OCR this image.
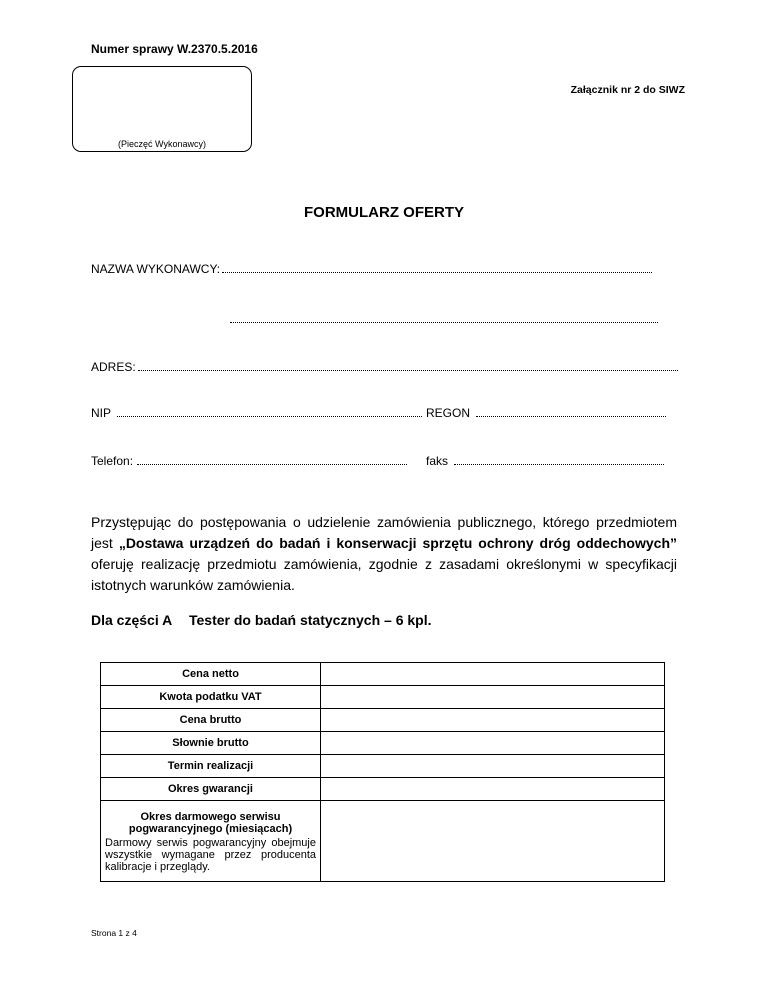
Numer sprawy W.2370.5.2016
(Pieczęć Wykonawcy)
Załącznik nr 2 do SIWZ
FORMULARZ OFERTY
NAZWA WYKONAWCY:
ADRES:
NIP	REGON
Telefon:	faks
Przystępując do postępowania o udzielenie zamówienia publicznego, którego przedmiotem jest „Dostawa urządzeń do badań i konserwacji sprzętu ochrony dróg oddechowych” oferuję realizację przedmiotu zamówienia, zgodnie z zasadami określonymi w specyfikacji istotnych warunków zamówienia.
Dla części A Tester do badań statycznych – 6 kpl.
Cena netto	
Kwota podatku VAT	
Cena brutto	
Słownie brutto	
Termin realizacji	
Okres gwarancji	

Okres darmowego serwisu pogwarancyjnego (miesiącach)
Darmowy serwis pogwarancyjny obejmuje wszystkie wymagane przez producenta kalibracje i przeglądy.	

Strona 1 z 4
